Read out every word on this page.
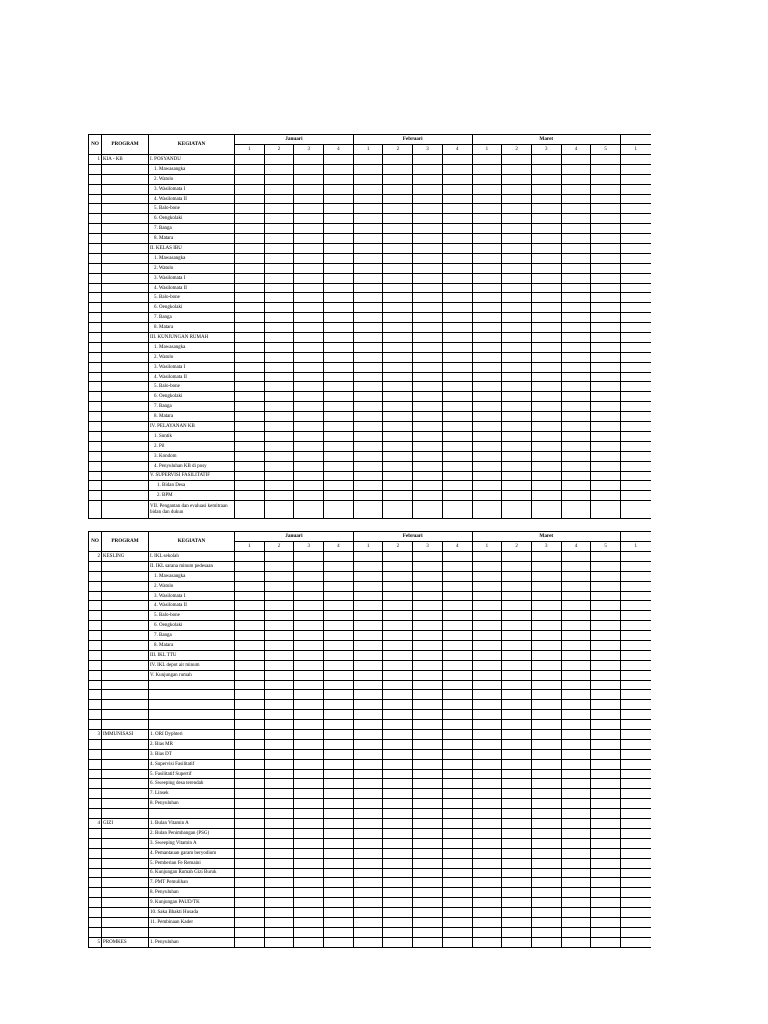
NO	PROGRAM	KEGIATAN	Januari				Februari				Maret					
			1	2	3	4	1	2	3	4	1	2	3	4	5	1
1	KIA - KB	I. POSYANDU														
		1. Mawasangka														
		2. Watolo														
		3. Wasilomata I														
		4. Wasilomata II														
		5. Balo-bone														
		6. Oengkolaki														
		7. Banga														
		8. Matara														
		II. KELAS IBU														
		1. Mawasangka														
		2. Watolo														
		3. Wasilomata I														
		4. Wasilomata II														
		5. Balo-bone														
		6. Oengkolaki														
		7. Banga														
		8. Matara														
		III. KUNJUNGAN RUMAH														
		1. Mawasangka														
		2. Watolo														
		3. Wasilomata I														
		4. Wasilomata II														
		5. Balo-bone														
		6. Oengkolaki														
		7. Banga														
		8. Matara														
		IV. PELAYANAN KB														
		1. Suntik														
		2. Pil														
		3. Kondom														
		4. Penyuluhan KB di posy														
		V. SUPERVISI FASILITATIF														
		1. Bidan Desa														
		2. BPM														
		VII. Pengantan dan evaluasi kemitraan bidan dan dukun														
NO	PROGRAM	KEGIATAN	Januari				Februari				Maret					
			1	2	3	4	1	2	3	4	1	2	3	4	5	1
2	KESLING	I. IKL sekolah														
		II. IKL sarana minum pedesaan														
		1. Mawasangka														
		2. Watolo														
		3. Wasilomata I														
		4. Wasilomata II														
		5. Balo-bone														
		6. Oengkolaki														
		7. Banga														
		8. Matara														
		III. IKL TTU														
		IV. IKL depot air minum														
		V. Kunjungan rumah														

3	IMMUNISASI	1. ORI Dyphteri														
		2. Bias MR														
		3. Bias DT														
		4. Supervisi Fasilitatif														
		5. Fasilitatif Supertif														
		6. Sweeping desa terendah														
		7. Linsek														
		8. Penyuluhan														

4	GIZI	1. Bulan Vitamin A														
		2. Bulan Penimbangan (PSG)														
		3. Sweeping Vitamin A														
		4. Pemantauan garam beryodium														
		5. Pemberian Fe Remaini														
		6. Kunjungan Rumah Gizi Buruk														
		7. PMT Pemulihan														
		8. Penyuluhan														
		9. Kunjungan PAUD/TK														
		10. Saka Bhakti Husada														
		11. Pembinaan Kader														

5	PROMKES	1. Penyuluhan														
